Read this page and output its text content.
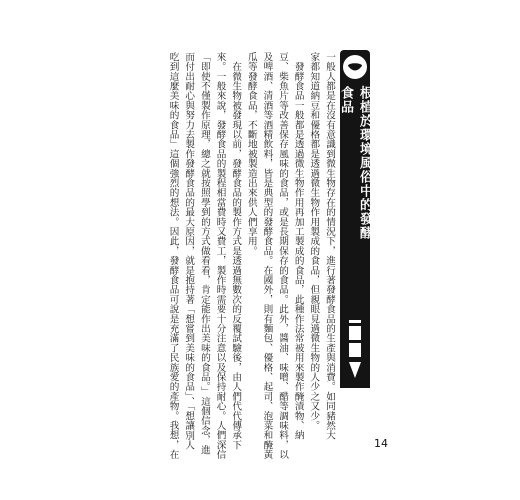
一般人都是在沒有意識到微生物存在的情況下，進行著發酵食品的生產與消費。如同豬然大
家都知道納豆和優格都是透過微生物作用製成的食品，但親眼見過微生物的人少之又少。
　發酵食品一般都是透過微生物作用再加工製成的食品，此種作法常被用來製作醃漬物、納
豆、柴魚片等改善保存風味的食品，或是長期保存的食品。此外，醬油、味噌、醋等調味料，以
及啤酒、清酒等酒精飲料，皆是典型的發酵食品。在國外，則有麵包、優格、起司、泡菜和醃黃
瓜等發酵食品，不斷地被製造出來供人們享用。
　在微生物被發現以前，發酵食品的製作方式是透過無數次的反覆試驗後，由人們代代傳承下
來。一般來說，發酵食品的製程相當費時又費工，製作時需要十分注意以及保持耐心。人們深信
「即使不僅製作原理，總之就按照學到的方式做看看，肯定能作出美味的食品。」這個信念，進
而付出耐心與努力去製作發酵食品的最大原因，就是抱持著「想嘗到美味的食品」、「想讓別人
吃到這麼美味的食品」這個強烈的想法。因此，發酵食品可說是充滿了民族愛的產物。我想，在	根植於環境風俗中的發酵食品
14
